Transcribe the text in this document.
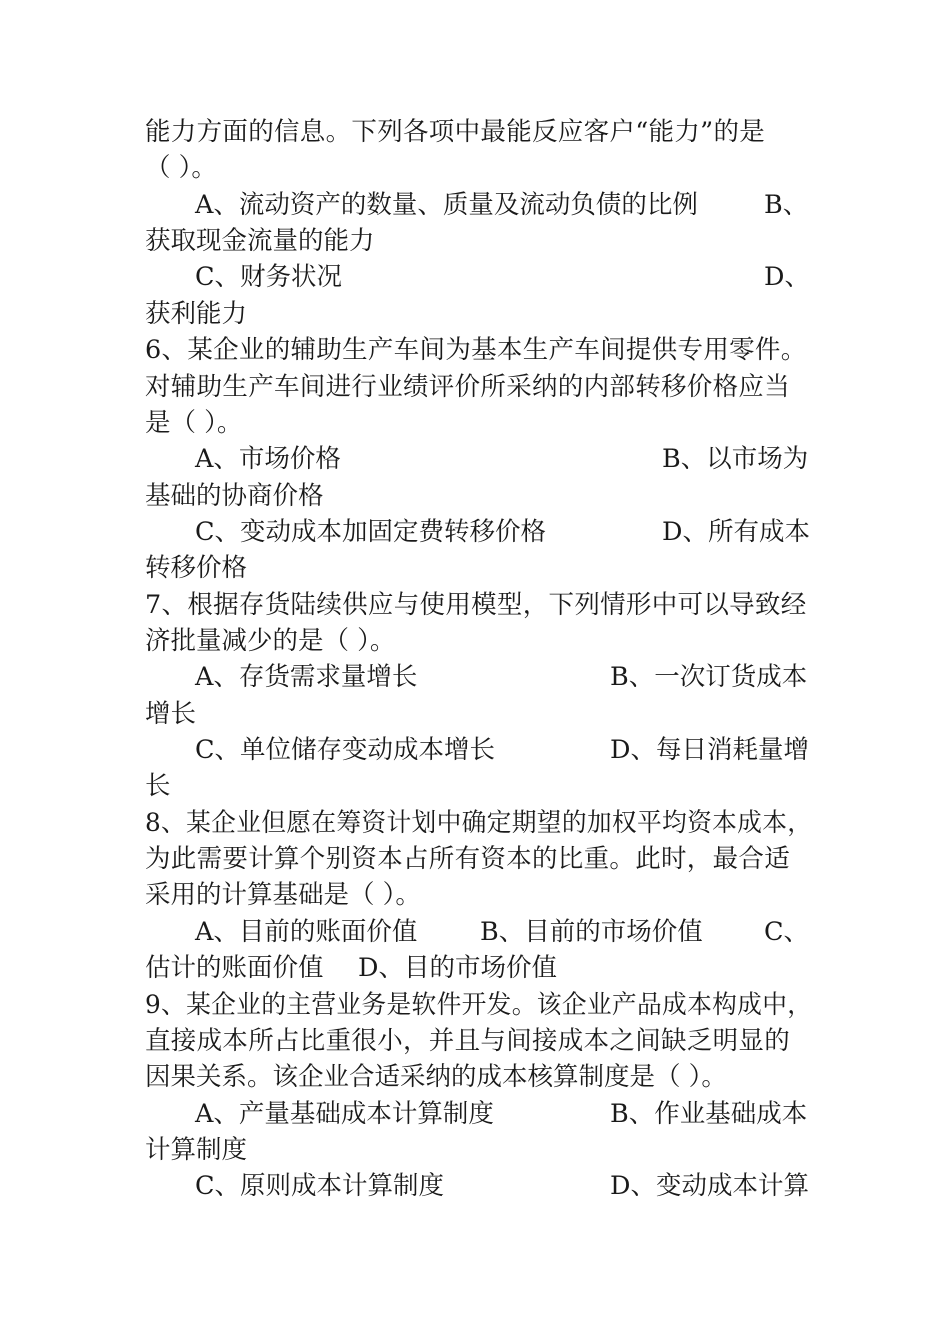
能力方面的信息。下列各项中最能反应客户“能力”的是
（ ）。
A、流动资产的数量、质量及流动负债的比例	B、
获取现金流量的能力
C、财务状况	D、
获利能力
6、某企业的辅助生产车间为基本生产车间提供专用零件。
对辅助生产车间进行业绩评价所采纳的内部转移价格应当
是（ ）。
A、市场价格	B、以市场为
基础的协商价格
C、变动成本加固定费转移价格	D、所有成本
转移价格
7、根据存货陆续供应与使用模型，下列情形中可以导致经
济批量减少的是（ ）。
A、存货需求量增长	B、一次订货成本
增长
C、单位储存变动成本增长	D、每日消耗量增
长
8、某企业但愿在筹资计划中确定期望的加权平均资本成本，
为此需要计算个别资本占所有资本的比重。此时，最合适
采用的计算基础是（ ）。
A、目前的账面价值 B、目前的市场价值 C、
估计的账面价值 D、目的市场价值
9、某企业的主营业务是软件开发。该企业产品成本构成中，
直接成本所占比重很小，并且与间接成本之间缺乏明显的
因果关系。该企业合适采纳的成本核算制度是（ ）。
A、产量基础成本计算制度	B、作业基础成本
计算制度
C、原则成本计算制度	D、变动成本计算
